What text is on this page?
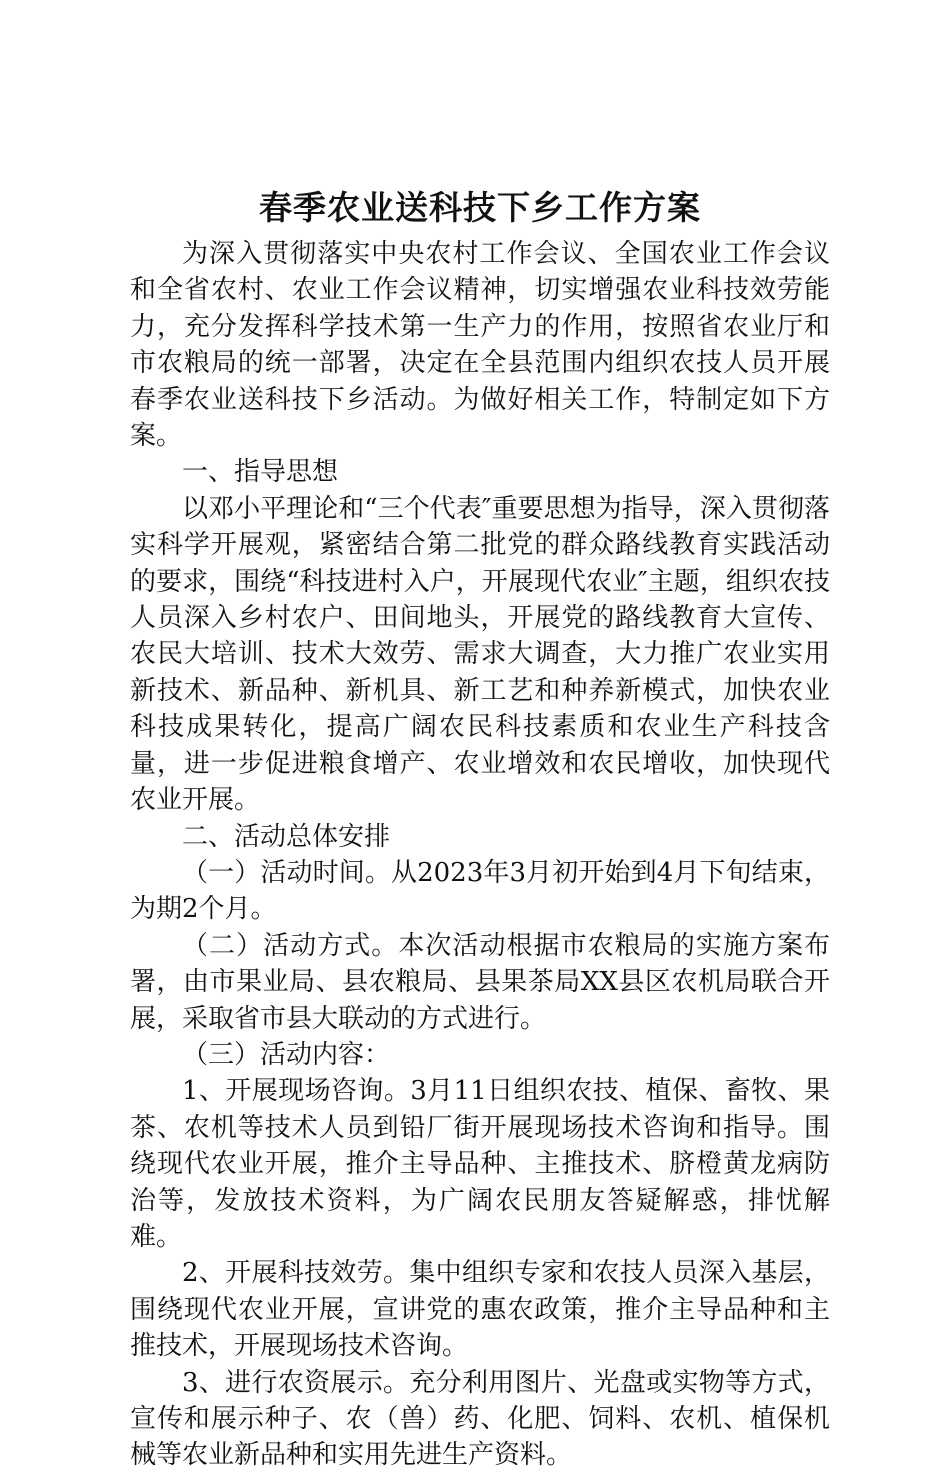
春季农业送科技下乡工作方案

为深入贯彻落实中央农村工作会议、全国农业工作会议和全省农村、农业工作会议精神，切实增强农业科技效劳能力，充分发挥科学技术第一生产力的作用，按照省农业厅和市农粮局的统一部署，决定在全县范围内组织农技人员开展春季农业送科技下乡活动。为做好相关工作，特制定如下方案。

一、指导思想

以邓小平理论和“三个代表″重要思想为指导，深入贯彻落实科学开展观，紧密结合第二批党的群众路线教育实践活动的要求，围绕“科技进村入户，开展现代农业″主题，组织农技人员深入乡村农户、田间地头，开展党的路线教育大宣传、农民大培训、技术大效劳、需求大调查，大力推广农业实用新技术、新品种、新机具、新工艺和种养新模式，加快农业科技成果转化，提高广阔农民科技素质和农业生产科技含量，进一步促进粮食增产、农业增效和农民增收，加快现代农业开展。

二、活动总体安排

（一）活动时间。从2023年3月初开始到4月下旬结束，为期2个月。

（二）活动方式。本次活动根据市农粮局的实施方案布署，由市果业局、县农粮局、县果茶局XX县区农机局联合开展，采取省市县大联动的方式进行。

（三）活动内容：

1、开展现场咨询。3月11日组织农技、植保、畜牧、果茶、农机等技术人员到铅厂街开展现场技术咨询和指导。围绕现代农业开展，推介主导品种、主推技术、脐橙黄龙病防治等，发放技术资料，为广阔农民朋友答疑解惑，排忧解难。

2、开展科技效劳。集中组织专家和农技人员深入基层，围绕现代农业开展，宣讲党的惠农政策，推介主导品种和主推技术，开展现场技术咨询。

3、进行农资展示。充分利用图片、光盘或实物等方式，宣传和展示种子、农（兽）药、化肥、饲料、农机、植保机械等农业新品种和实用先进生产资料。
